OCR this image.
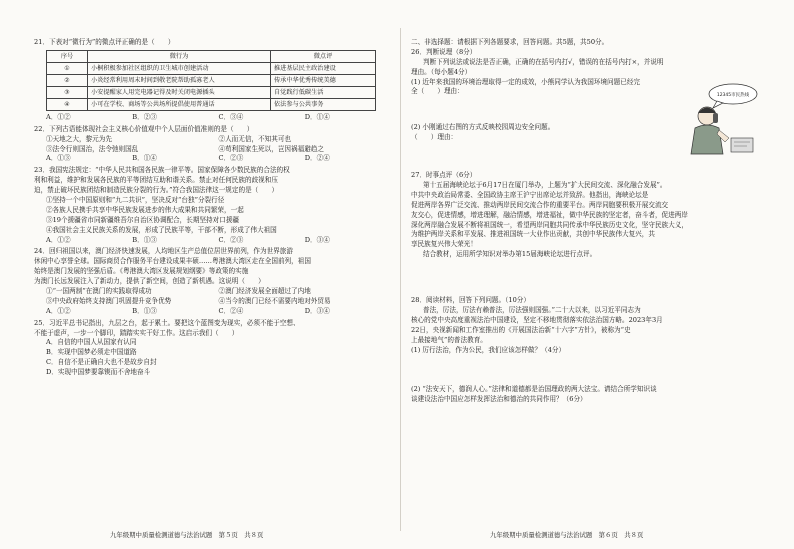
21．下表对“微行为”的微点评正确的是（　　）

序号	微行为	微点评
①	小桐积极参加社区组织的卫生城市创建活动	推进基层民主政治建设
②	小炎经常利用周末时间到敬老院帮助孤寡老人	传承中华优秀传统美德
③	小安提醒家人用完电器记得及时关闭电源插头	自觉践行低碳生活
④	小可在学校、商场等公共场所提倡使用普通话	依法参与公共事务
A．①②	B．②③	C．③④	D．①④

22．下列古语能体现社会主义核心价值观中个人层面价值准则的是（　　）

①天地之大，黎元为先	②人而无信，不知其可也
③法令行则国治，法令弛则国乱	④苟利国家生死以，岂因祸福避趋之
A．①③	B．①④	C．②③	D．②④

23．我国宪法规定：“中华人民共和国各民族一律平等。国家保障各少数民族的合法的权

利和利益，维护和发展各民族的平等团结互助和谐关系。禁止对任何民族的歧视和压

迫，禁止破坏民族团结和制造民族分裂的行为。”符合我国法律这一规定的是（　　）

①坚持一个中国原则和“九二共识”，坚决反对“台独”分裂行径

②各族人民携手共享中华民族发展进步的伟大成果和共同繁荣，一起

③19个援疆省市同新疆维吾尔自治区协调配合，长期坚持对口援疆

④我国社会主义民族关系的发展，形成了民族平等，干部不断，形成了伟大祖国

A．①②	B．①③	C．②③	D．③④

24．回归祖国以来，澳门经济快速发展，人均地区生产总值位居世界前列，作为世界旅游

休闲中心享誉全球。国际商贸合作服务平台建设成果丰硕……粤港澳大湾区走在全国前列，祖国

始终是澳门发展的坚强后盾。《粤港澳大湾区发展规划纲要》等政策的实施

为澳门长远发展注入了新动力，提供了新空间，创造了新机遇。这说明（　　）

①“一国两制”在澳门的实践取得成功	②澳门经济发展全面超过了内地
③中央政府始终支持澳门巩固提升竞争优势	④当今的澳门已经不需要内地对外贸易
A．①②	B．①③	C．②④	D．③④

25．习近平总书记指出，九层之台，起于累土。要把这个蓝图变为现实，必须不能于空想、

不能于虚声，一步一个脚印，踏踏实实干好工作。这启示我们（　　）

A．自信的中国人从国家有认同

B．实现中国梦必须走中国道路

C．自信不是正确自大也不是故步自封

D．实现中国梦要靠锲而不舍地奋斗

九年级期中质量检测道德与法治试题　第５页　共８页

二、非选择题：请根据下列各题要求，回答问题。共5题，共50分。

26．判断说理（8分）

判断下列说法或说法是否正确，正确的在括号内打√，错误的在括号内打×，并说明

理由。（每小题4分）

(1) 近年来我国的环境治理取得一定的成效，小熊同学认为我国环境问题已经完

全（　　）理由：

(2) 小刚通过右图的方式反映校园周边安全问题。

（　　）理由：

12345市民热线

27．时事点评（6分）

第十五届海峡论坛于6月17日在厦门举办，上题为“扩大民间交流、深化融合发展”。

中共中央政治局常委、全国政协主席王沪宁出席论坛并致辞。他指出，海峡论坛是

促进两岸各界广泛交流、推动两岸民间交流合作的重要平台。两岸同胞要积极开展交流交

友交心，促进情感，增进理解，融洽情感，增进福祉，做中华民族的坚定者，奋斗者，促进两岸

深化两岸融合发展不断将祖国统一，希望两岸同胞共同传承中华民族历史文化，坚守民族大义，

为维护两岸关系和平发展、推进祖国统一大业作出贡献，共创中华民族伟大复兴，共

享民族复兴伟大荣光！

结合教材，运用所学知识对举办第15届海峡论坛进行点评。

28．阅读材料，回答下列问题。（10分）

普法，厉法，厉法有赖普法，厉法强则国强。”二十大以来，以习近平同志为

核心的党中央高度重视法治中国建设，坚定不移地贯彻落实依法治国方略。2023年3月

22日，央视新闻和工作室推出的《开展国法治新“十六字”方针》，被称为“史

上最接地气”的普法教育。

(1) 厉行法治，作为公民，我们应该怎样做？（4分）

(2) “法安天下，德润人心。”法律和道德都是治国理政的两大法宝。请结合所学知识谈

谈建设法治中国应怎样发挥法治和德治的共同作用？（6分）

九年级期中质量检测道德与法治试题　第６页　共８页
